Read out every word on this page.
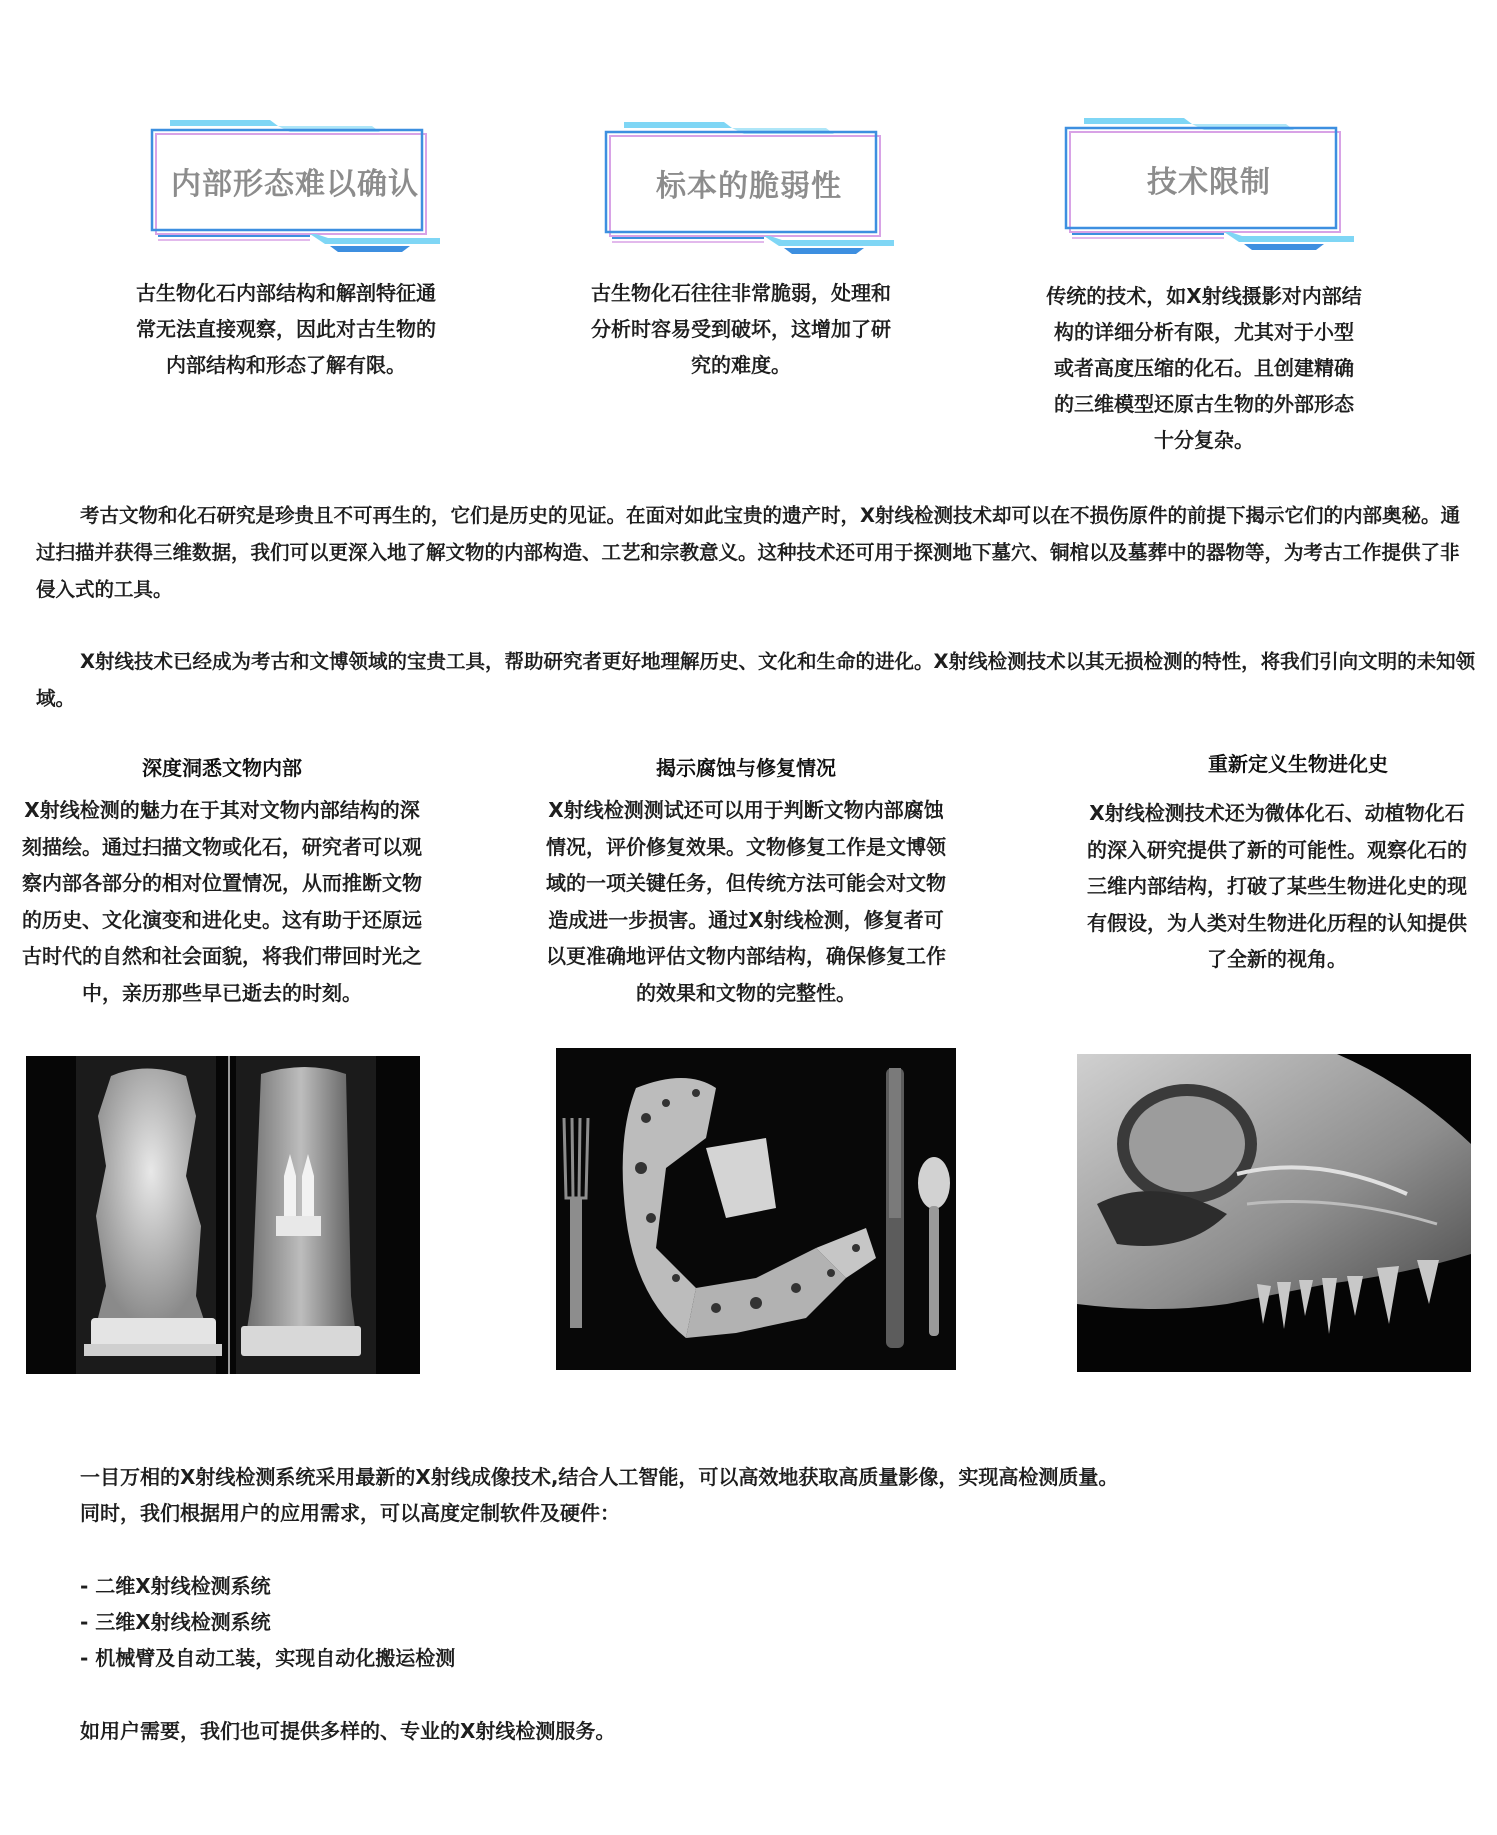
内部形态难以确认	标本的脆弱性	技术限制
古生物化石内部结构和解剖特征通常无法直接观察，因此对古生物的内部结构和形态了解有限。
古生物化石往往非常脆弱，处理和分析时容易受到破坏，这增加了研究的难度。
传统的技术，如X射线摄影对内部结构的详细分析有限，尤其对于小型或者高度压缩的化石。且创建精确的三维模型还原古生物的外部形态十分复杂。
考古文物和化石研究是珍贵且不可再生的，它们是历史的见证。在面对如此宝贵的遗产时，X射线检测技术却可以在不损伤原件的前提下揭示它们的内部奥秘。通过扫描并获得三维数据，我们可以更深入地了解文物的内部构造、工艺和宗教意义。这种技术还可用于探测地下墓穴、铜棺以及墓葬中的器物等，为考古工作提供了非侵入式的工具。
X射线技术已经成为考古和文博领域的宝贵工具，帮助研究者更好地理解历史、文化和生命的进化。X射线检测技术以其无损检测的特性，将我们引向文明的未知领域。
深度洞悉文物内部	揭示腐蚀与修复情况	重新定义生物进化史
X射线检测的魅力在于其对文物内部结构的深刻描绘。通过扫描文物或化石，研究者可以观察内部各部分的相对位置情况，从而推断文物的历史、文化演变和进化史。这有助于还原远古时代的自然和社会面貌，将我们带回时光之中，亲历那些早已逝去的时刻。
X射线检测测试还可以用于判断文物内部腐蚀情况，评价修复效果。文物修复工作是文博领域的一项关键任务，但传统方法可能会对文物造成进一步损害。通过X射线检测，修复者可以更准确地评估文物内部结构，确保修复工作的效果和文物的完整性。
X射线检测技术还为微体化石、动植物化石的深入研究提供了新的可能性。观察化石的三维内部结构，打破了某些生物进化史的现有假设，为人类对生物进化历程的认知提供了全新的视角。
一目万相的X射线检测系统采用最新的X射线成像技术,结合人工智能，可以高效地获取高质量影像，实现高检测质量。
同时，我们根据用户的应用需求，可以高度定制软件及硬件：
- 二维X射线检测系统
- 三维X射线检测系统
- 机械臂及自动工装，实现自动化搬运检测
如用户需要，我们也可提供多样的、专业的X射线检测服务。
